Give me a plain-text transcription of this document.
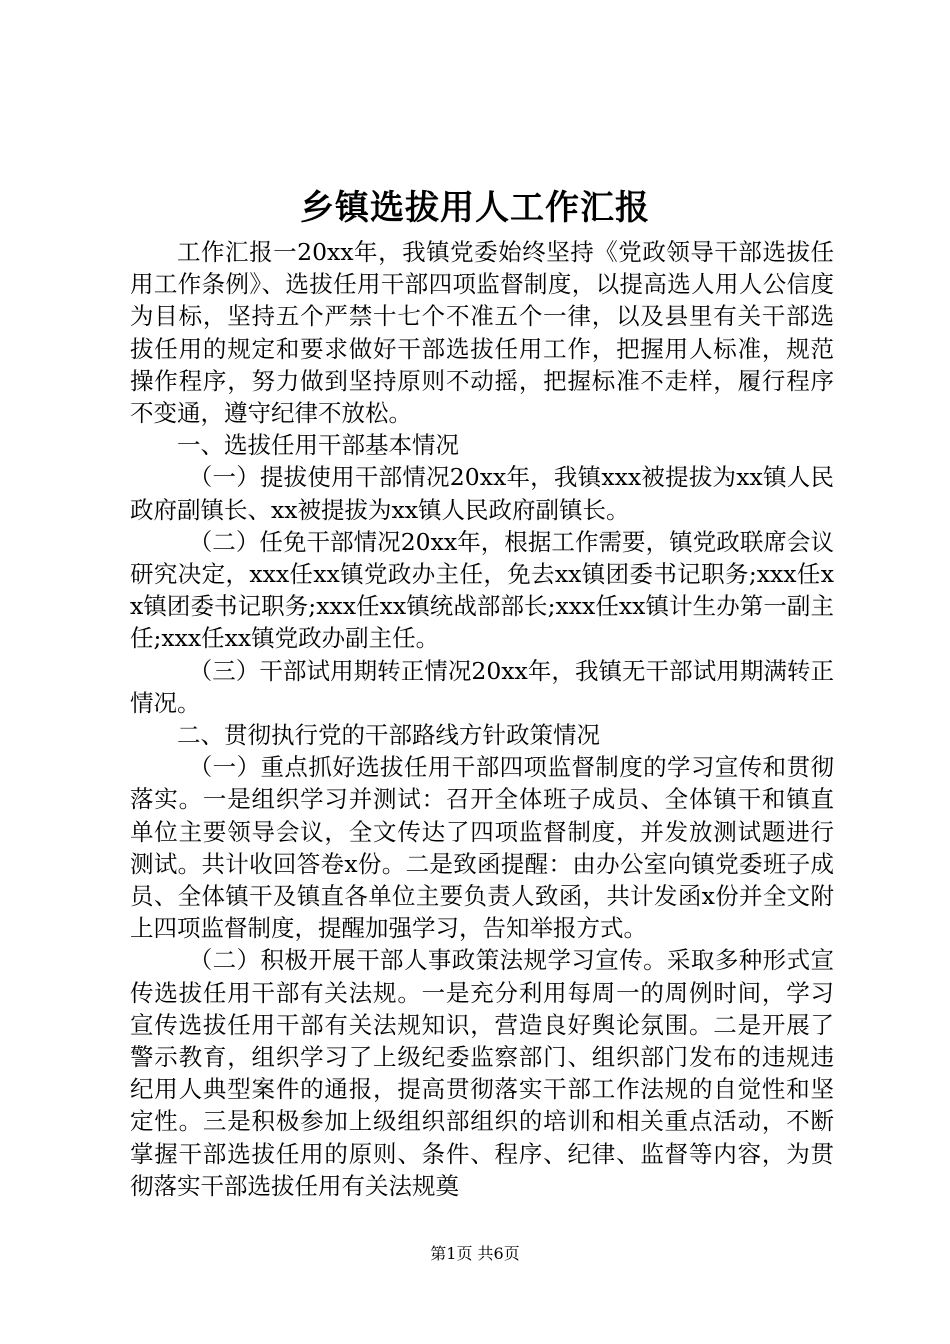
乡镇选拔用人工作汇报

工作汇报一20xx年，我镇党委始终坚持《党政领导干部选拔任用工作条例》、选拔任用干部四项监督制度，以提高选人用人公信度为目标，坚持五个严禁十七个不准五个一律，以及县里有关干部选拔任用的规定和要求做好干部选拔任用工作，把握用人标准，规范操作程序，努力做到坚持原则不动摇，把握标准不走样，履行程序不变通，遵守纪律不放松。

一、选拔任用干部基本情况

（一）提拔使用干部情况20xx年，我镇xxx被提拔为xx镇人民政府副镇长、xx被提拔为xx镇人民政府副镇长。

（二）任免干部情况20xx年，根据工作需要，镇党政联席会议研究决定，xxx任xx镇党政办主任，免去xx镇团委书记职务;xxx任xx镇团委书记职务;xxx任xx镇统战部部长;xxx任xx镇计生办第一副主任;xxx任xx镇党政办副主任。

（三）干部试用期转正情况20xx年，我镇无干部试用期满转正情况。

二、贯彻执行党的干部路线方针政策情况

（一）重点抓好选拔任用干部四项监督制度的学习宣传和贯彻落实。一是组织学习并测试：召开全体班子成员、全体镇干和镇直单位主要领导会议，全文传达了四项监督制度，并发放测试题进行测试。共计收回答卷x份。二是致函提醒：由办公室向镇党委班子成员、全体镇干及镇直各单位主要负责人致函，共计发函x份并全文附上四项监督制度，提醒加强学习，告知举报方式。

（二）积极开展干部人事政策法规学习宣传。采取多种形式宣传选拔任用干部有关法规。一是充分利用每周一的周例时间，学习宣传选拔任用干部有关法规知识，营造良好舆论氛围。二是开展了警示教育，组织学习了上级纪委监察部门、组织部门发布的违规违纪用人典型案件的通报，提高贯彻落实干部工作法规的自觉性和坚定性。三是积极参加上级组织部组织的培训和相关重点活动，不断掌握干部选拔任用的原则、条件、程序、纪律、监督等内容，为贯彻落实干部选拔任用有关法规奠

第1页 共6页
